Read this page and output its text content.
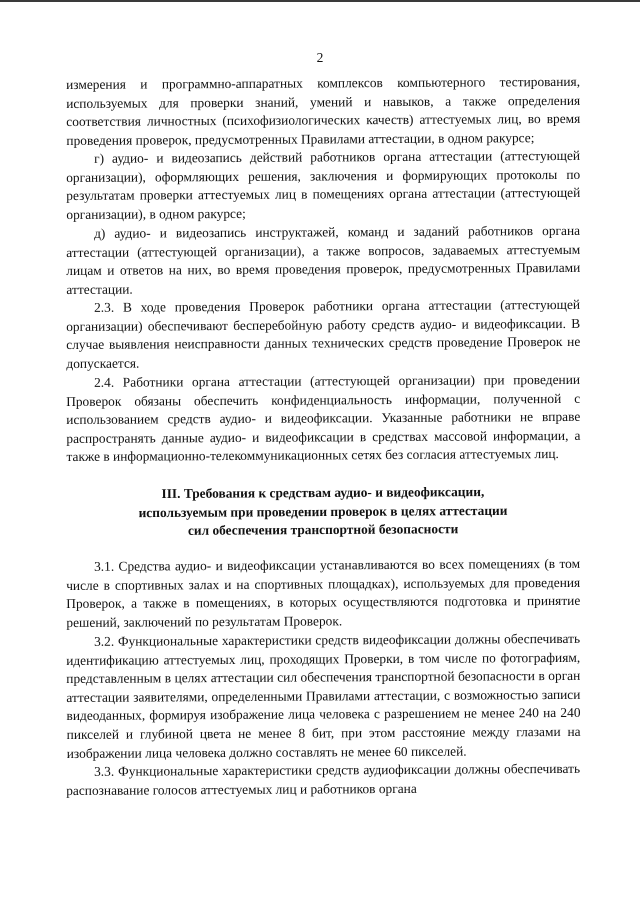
2

измерения и программно-аппаратных комплексов компьютерного тестирования, используемых для проверки знаний, умений и навыков, а также определения соответствия личностных (психофизиологических качеств) аттестуемых лиц, во время проведения проверок, предусмотренных Правилами аттестации, в одном ракурсе;

г) аудио- и видеозапись действий работников органа аттестации (аттестующей организации), оформляющих решения, заключения и формирующих протоколы по результатам проверки аттестуемых лиц в помещениях органа аттестации (аттестующей организации), в одном ракурсе;

д) аудио- и видеозапись инструктажей, команд и заданий работников органа аттестации (аттестующей организации), а также вопросов, задаваемых аттестуемым лицам и ответов на них, во время проведения проверок, предусмотренных Правилами аттестации.

2.3. В ходе проведения Проверок работники органа аттестации (аттестующей организации) обеспечивают бесперебойную работу средств аудио- и видеофиксации. В случае выявления неисправности данных технических средств проведение Проверок не допускается.

2.4. Работники органа аттестации (аттестующей организации) при проведении Проверок обязаны обеспечить конфиденциальность информации, полученной с использованием средств аудио- и видеофиксации. Указанные работники не вправе распространять данные аудио- и видеофиксации в средствах массовой информации, а также в информационно-телекоммуникационных сетях без согласия аттестуемых лиц.

III. Требования к средствам аудио- и видеофиксации,
используемым при проведении проверок в целях аттестации
сил обеспечения транспортной безопасности

3.1. Средства аудио- и видеофиксации устанавливаются во всех помещениях (в том числе в спортивных залах и на спортивных площадках), используемых для проведения Проверок, а также в помещениях, в которых осуществляются подготовка и принятие решений, заключений по результатам Проверок.

3.2. Функциональные характеристики средств видеофиксации должны обеспечивать идентификацию аттестуемых лиц, проходящих Проверки, в том числе по фотографиям, представленным в целях аттестации сил обеспечения транспортной безопасности в орган аттестации заявителями, определенными Правилами аттестации, с возможностью записи видеоданных, формируя изображение лица человека с разрешением не менее 240 на 240 пикселей и глубиной цвета не менее 8 бит, при этом расстояние между глазами на изображении лица человека должно составлять не менее 60 пикселей.

3.3. Функциональные характеристики средств аудиофиксации должны обеспечивать распознавание голосов аттестуемых лиц и работников органа
